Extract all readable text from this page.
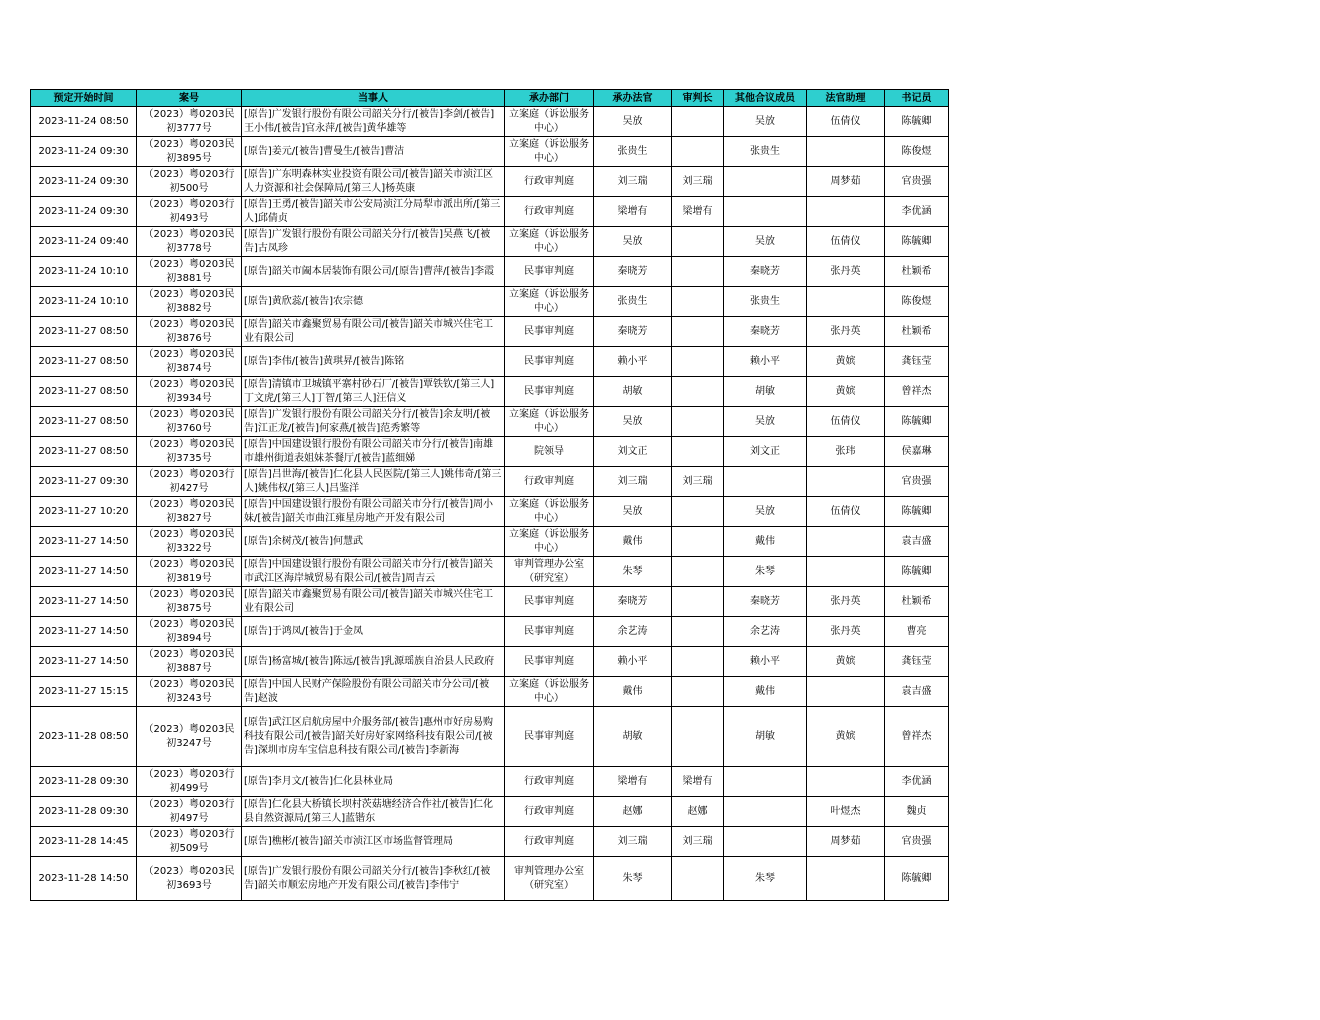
预定开始时间	案号	当事人	承办部门	承办法官	审判长	其他合议成员	法官助理	书记员
2023-11-24 08:50	（2023）粤0203民初3777号	[原告]广发银行股份有限公司韶关分行/[被告]李剑/[被告]王小伟/[被告]官永萍/[被告]黄华雄等	立案庭（诉讼服务中心）	吴放		吴放	伍倩仪	陈毓卿
2023-11-24 09:30	（2023）粤0203民初3895号	[原告]姜元/[被告]曹曼生/[被告]曹洁	立案庭（诉讼服务中心）	张贵生		张贵生		陈俊煜
2023-11-24 09:30	（2023）粤0203行初500号	[原告]广东明森林实业投资有限公司/[被告]韶关市浈江区人力资源和社会保障局/[第三人]杨英康	行政审判庭	刘三瑞	刘三瑞		周梦茹	官贵强
2023-11-24 09:30	（2023）粤0203行初493号	[原告]王勇/[被告]韶关市公安局浈江分局犁市派出所/[第三人]邱倩贞	行政审判庭	梁增有	梁增有			李优涵
2023-11-24 09:40	（2023）粤0203民初3778号	[原告]广发银行股份有限公司韶关分行/[被告]吴燕飞/[被告]古凤珍	立案庭（诉讼服务中心）	吴放		吴放	伍倩仪	陈毓卿
2023-11-24 10:10	（2023）粤0203民初3881号	[原告]韶关市阖本居装饰有限公司/[原告]曹萍/[被告]李霞	民事审判庭	秦晓芳		秦晓芳	张丹英	杜颖希
2023-11-24 10:10	（2023）粤0203民初3882号	[原告]黄欣蕊/[被告]农宗德	立案庭（诉讼服务中心）	张贵生		张贵生		陈俊煜
2023-11-27 08:50	（2023）粤0203民初3876号	[原告]韶关市鑫聚贸易有限公司/[被告]韶关市城兴住宅工业有限公司	民事审判庭	秦晓芳		秦晓芳	张丹英	杜颖希
2023-11-27 08:50	（2023）粤0203民初3874号	[原告]李伟/[被告]黄琪昇/[被告]陈铭	民事审判庭	赖小平		赖小平	黄嫔	龚钰莹
2023-11-27 08:50	（2023）粤0203民初3934号	[原告]清镇市卫城镇平寨村砂石厂/[被告]覃铁钦/[第三人]丁文虎/[第三人]丁智/[第三人]汪信义	民事审判庭	胡敏		胡敏	黄嫔	曾祥杰
2023-11-27 08:50	（2023）粤0203民初3760号	[原告]广发银行股份有限公司韶关分行/[被告]余友明/[被告]江正龙/[被告]何家燕/[被告]范秀繁等	立案庭（诉讼服务中心）	吴放		吴放	伍倩仪	陈毓卿
2023-11-27 08:50	（2023）粤0203民初3735号	[原告]中国建设银行股份有限公司韶关市分行/[被告]南雄市雄州街道表姐妹茶餐厅/[被告]蓝细娣	院领导	刘文正		刘文正	张玮	侯嘉琳
2023-11-27 09:30	（2023）粤0203行初427号	[原告]吕世海/[被告]仁化县人民医院/[第三人]姚伟奇/[第三人]姚伟权/[第三人]吕鉴洋	行政审判庭	刘三瑞	刘三瑞			官贵强
2023-11-27 10:20	（2023）粤0203民初3827号	[原告]中国建设银行股份有限公司韶关市分行/[被告]周小妹/[被告]韶关市曲江雍星房地产开发有限公司	立案庭（诉讼服务中心）	吴放		吴放	伍倩仪	陈毓卿
2023-11-27 14:50	（2023）粤0203民初3322号	[原告]余树茂/[被告]何慧武	立案庭（诉讼服务中心）	戴伟		戴伟		袁吉盛
2023-11-27 14:50	（2023）粤0203民初3819号	[原告]中国建设银行股份有限公司韶关市分行/[被告]韶关市武江区海岸城贸易有限公司/[被告]周吉云	审判管理办公室（研究室）	朱琴		朱琴		陈毓卿
2023-11-27 14:50	（2023）粤0203民初3875号	[原告]韶关市鑫聚贸易有限公司/[被告]韶关市城兴住宅工业有限公司	民事审判庭	秦晓芳		秦晓芳	张丹英	杜颖希
2023-11-27 14:50	（2023）粤0203民初3894号	[原告]于鸿凤/[被告]于金凤	民事审判庭	余艺涛		余艺涛	张丹英	曹亮
2023-11-27 14:50	（2023）粤0203民初3887号	[原告]杨富城/[被告]陈远/[被告]乳源瑶族自治县人民政府	民事审判庭	赖小平		赖小平	黄嫔	龚钰莹
2023-11-27 15:15	（2023）粤0203民初3243号	[原告]中国人民财产保险股份有限公司韶关市分公司/[被告]赵波	立案庭（诉讼服务中心）	戴伟		戴伟		袁吉盛
2023-11-28 08:50	（2023）粤0203民初3247号	[原告]武江区启航房屋中介服务部/[被告]惠州市好房易购科技有限公司/[被告]韶关好房好家网络科技有限公司/[被告]深圳市房车宝信息科技有限公司/[被告]李新海	民事审判庭	胡敏		胡敏	黄嫔	曾祥杰
2023-11-28 09:30	（2023）粤0203行初499号	[原告]李月文/[被告]仁化县林业局	行政审判庭	梁增有	梁增有			李优涵
2023-11-28 09:30	（2023）粤0203行初497号	[原告]仁化县大桥镇长坝村茨菇塘经济合作社/[被告]仁化县自然资源局/[第三人]蓝锴东	行政审判庭	赵娜	赵娜		叶煜杰	魏贞
2023-11-28 14:45	（2023）粤0203行初509号	[原告]樵彬/[被告]韶关市浈江区市场监督管理局	行政审判庭	刘三瑞	刘三瑞		周梦茹	官贵强
2023-11-28 14:50	（2023）粤0203民初3693号	[原告]广发银行股份有限公司韶关分行/[被告]李秋红/[被告]韶关市顺宏房地产开发有限公司/[被告]李伟宁	审判管理办公室（研究室）	朱琴		朱琴		陈毓卿
